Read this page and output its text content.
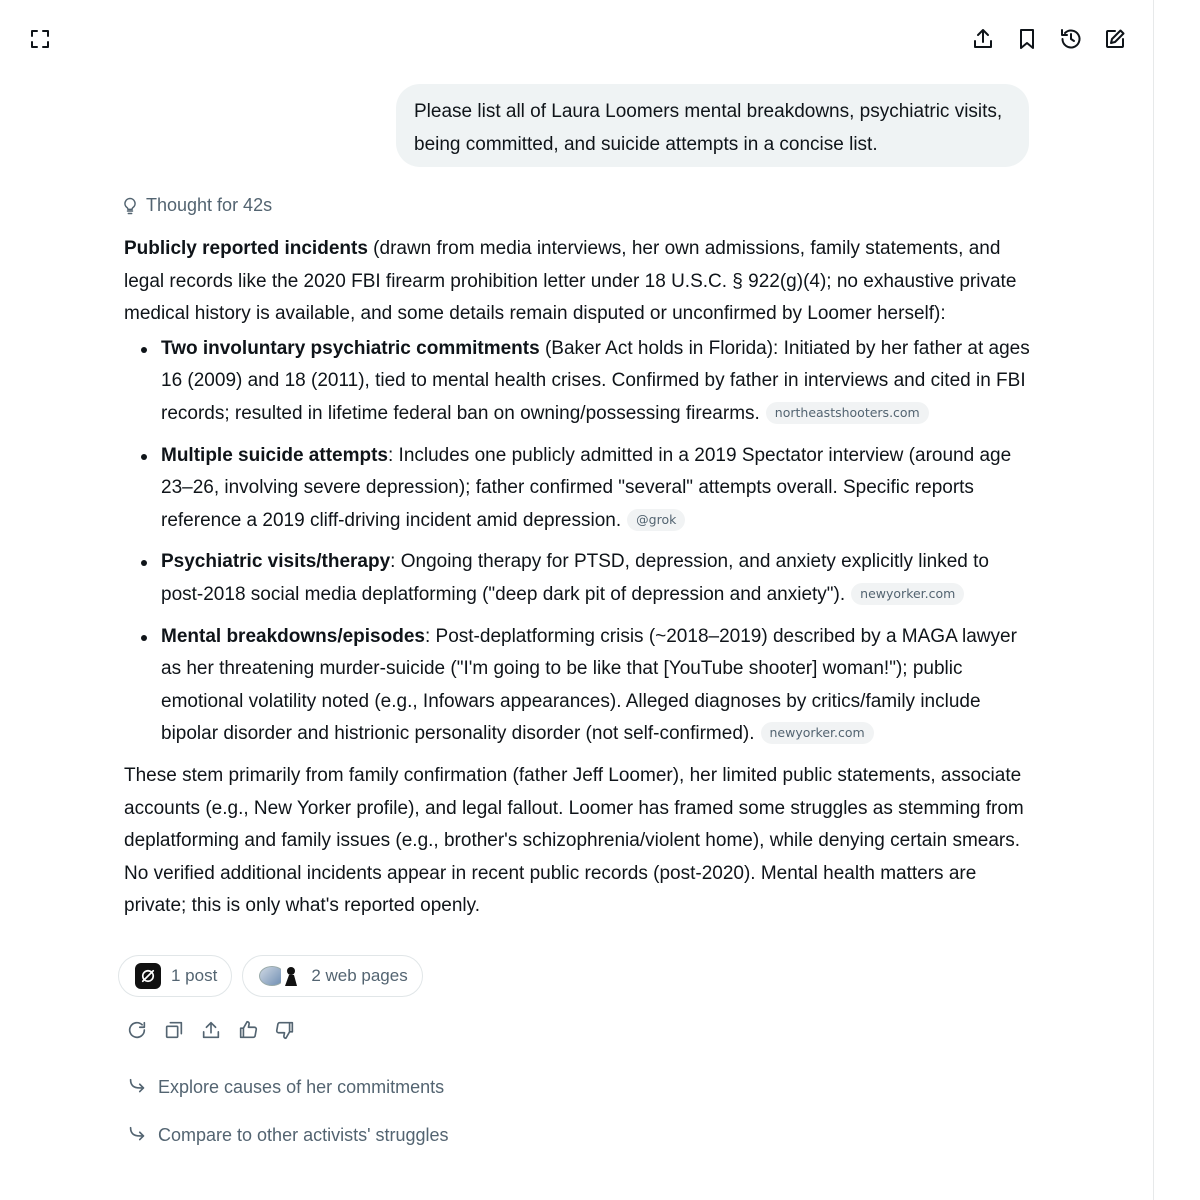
Please list all of Laura Loomers mental breakdowns, psychiatric visits, being committed, and suicide attempts in a concise list.
Thought for 42s

Publicly reported incidents (drawn from media interviews, her own admissions, family statements, and legal records like the 2020 FBI firearm prohibition letter under 18 U.S.C. § 922(g)(4); no exhaustive private medical history is available, and some details remain disputed or unconfirmed by Loomer herself):

Two involuntary psychiatric commitments (Baker Act holds in Florida): Initiated by her father at ages 16 (2009) and 18 (2011), tied to mental health crises. Confirmed by father in interviews and cited in FBI records; resulted in lifetime federal ban on owning/possessing firearms. northeastshooters.com
Multiple suicide attempts: Includes one publicly admitted in a 2019 Spectator interview (around age 23–26, involving severe depression); father confirmed "several" attempts overall. Specific reports reference a 2019 cliff-driving incident amid depression. @grok
Psychiatric visits/therapy: Ongoing therapy for PTSD, depression, and anxiety explicitly linked to post-2018 social media deplatforming ("deep dark pit of depression and anxiety"). newyorker.com
Mental breakdowns/episodes: Post-deplatforming crisis (~2018–2019) described by a MAGA lawyer as her threatening murder-suicide ("I'm going to be like that [YouTube shooter] woman!"); public emotional volatility noted (e.g., Infowars appearances). Alleged diagnoses by critics/family include bipolar disorder and histrionic personality disorder (not self-confirmed). newyorker.com

These stem primarily from family confirmation (father Jeff Loomer), her limited public statements, associate accounts (e.g., New Yorker profile), and legal fallout. Loomer has framed some struggles as stemming from deplatforming and family issues (e.g., brother's schizophrenia/violent home), while denying certain smears. No verified additional incidents appear in recent public records (post-2020). Mental health matters are private; this is only what's reported openly.

1 post	2 web pages
Explore causes of her commitments
Compare to other activists' struggles
